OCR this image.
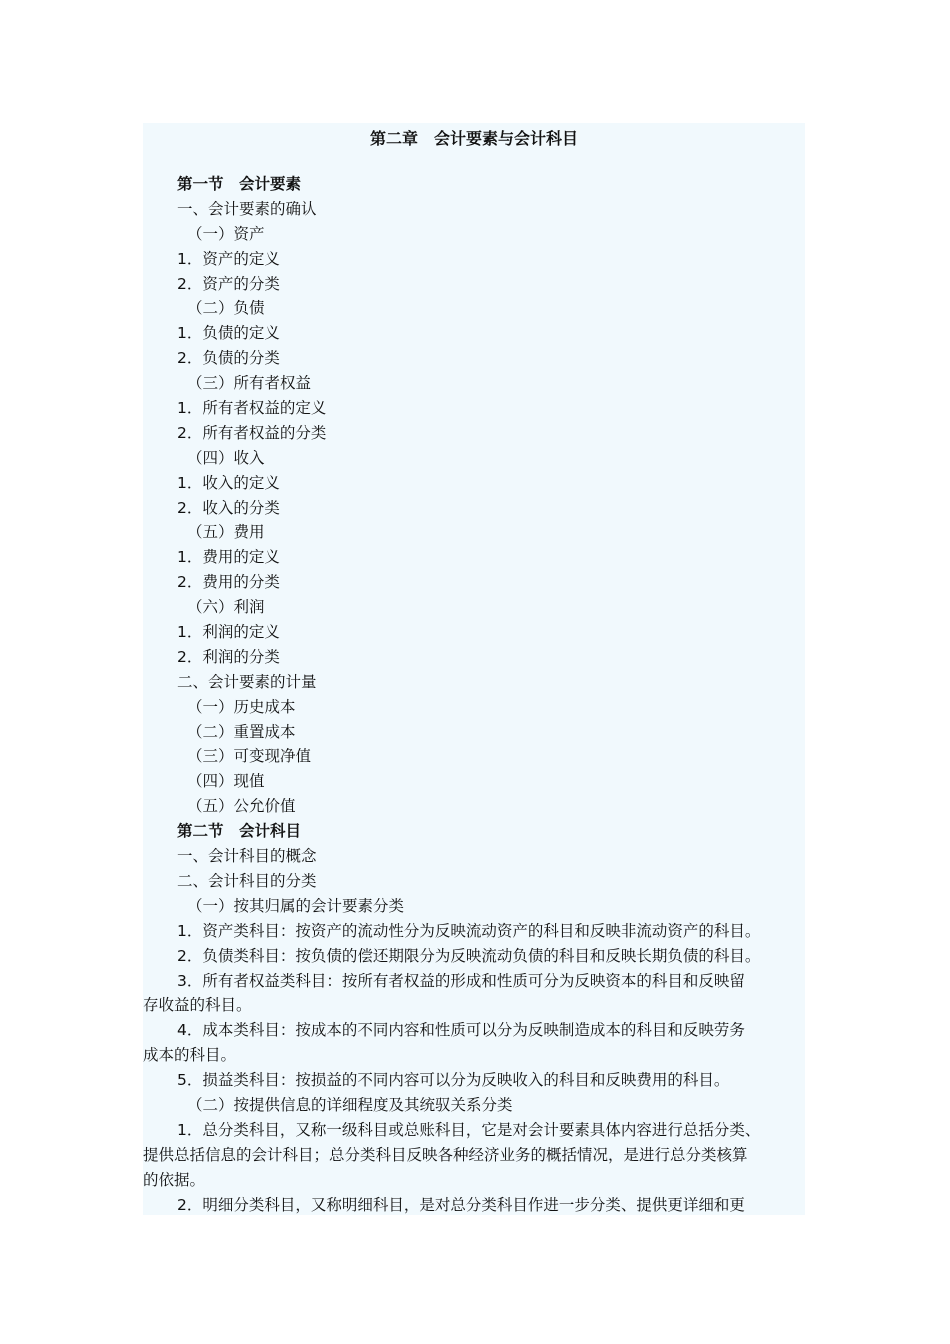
第二章　会计要素与会计科目
第一节　会计要素
一、会计要素的确认
（一）资产
1．资产的定义
2．资产的分类
（二）负债
1．负债的定义
2．负债的分类
（三）所有者权益
1．所有者权益的定义
2．所有者权益的分类
（四）收入
1．收入的定义
2．收入的分类
（五）费用
1．费用的定义
2．费用的分类
（六）利润
1．利润的定义
2．利润的分类
二、会计要素的计量
（一）历史成本
（二）重置成本
（三）可变现净值
（四）现值
（五）公允价值
第二节　会计科目
一、会计科目的概念
二、会计科目的分类
（一）按其归属的会计要素分类
1．资产类科目：按资产的流动性分为反映流动资产的科目和反映非流动资产的科目。
2．负债类科目：按负债的偿还期限分为反映流动负债的科目和反映长期负债的科目。
3．所有者权益类科目：按所有者权益的形成和性质可分为反映资本的科目和反映留
存收益的科目。
4．成本类科目：按成本的不同内容和性质可以分为反映制造成本的科目和反映劳务
成本的科目。
5．损益类科目：按损益的不同内容可以分为反映收入的科目和反映费用的科目。
（二）按提供信息的详细程度及其统驭关系分类
1．总分类科目，又称一级科目或总账科目，它是对会计要素具体内容进行总括分类、
提供总括信息的会计科目；总分类科目反映各种经济业务的概括情况，是进行总分类核算
的依据。
2．明细分类科目，又称明细科目，是对总分类科目作进一步分类、提供更详细和更
